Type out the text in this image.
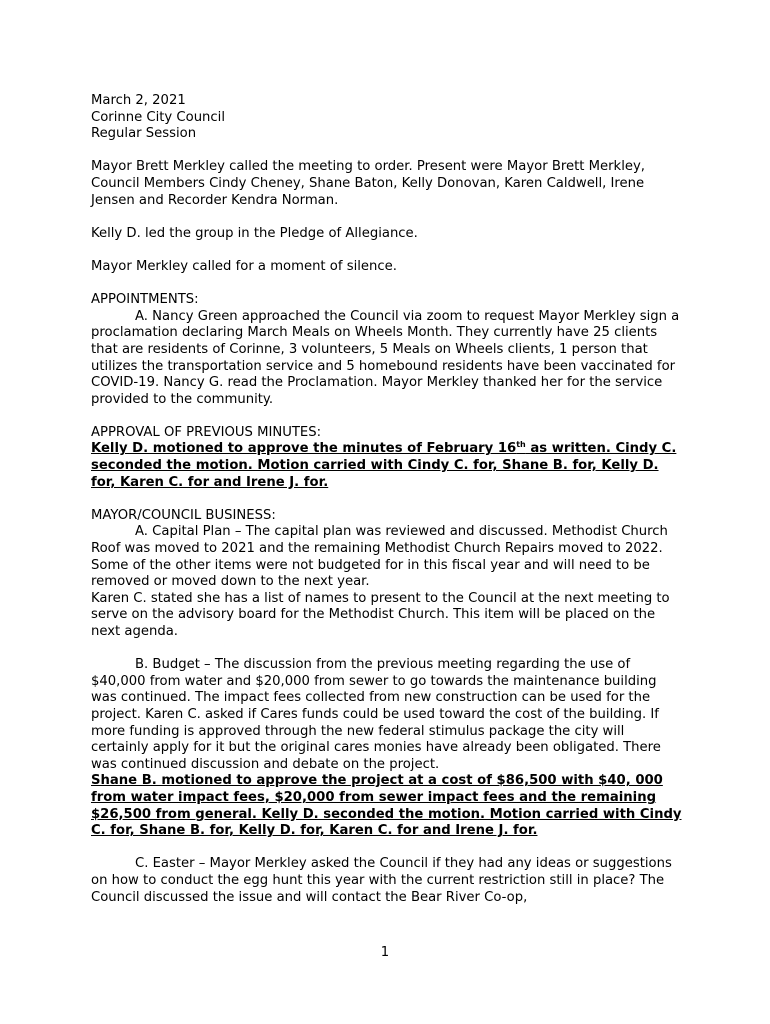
March 2, 2021

Corinne City Council

Regular Session

Mayor Brett Merkley called the meeting to order. Present were Mayor Brett Merkley, Council Members Cindy Cheney, Shane Baton, Kelly Donovan, Karen Caldwell, Irene Jensen and Recorder Kendra Norman.

Kelly D. led the group in the Pledge of Allegiance.

Mayor Merkley called for a moment of silence.

APPOINTMENTS:

A. Nancy Green approached the Council via zoom to request Mayor Merkley sign a proclamation declaring March Meals on Wheels Month. They currently have 25 clients that are residents of Corinne, 3 volunteers, 5 Meals on Wheels clients, 1 person that utilizes the transportation service and 5 homebound residents have been vaccinated for COVID-19. Nancy G. read the Proclamation. Mayor Merkley thanked her for the service provided to the community.

APPROVAL OF PREVIOUS MINUTES:

Kelly D. motioned to approve the minutes of February 16th as written. Cindy C. seconded the motion. Motion carried with Cindy C. for, Shane B. for, Kelly D. for, Karen C. for and Irene J. for.

MAYOR/COUNCIL BUSINESS:

A. Capital Plan – The capital plan was reviewed and discussed. Methodist Church Roof was moved to 2021 and the remaining Methodist Church Repairs moved to 2022. Some of the other items were not budgeted for in this fiscal year and will need to be removed or moved down to the next year.

Karen C. stated she has a list of names to present to the Council at the next meeting to serve on the advisory board for the Methodist Church. This item will be placed on the next agenda.

B. Budget – The discussion from the previous meeting regarding the use of $40,000 from water and $20,000 from sewer to go towards the maintenance building was continued. The impact fees collected from new construction can be used for the project. Karen C. asked if Cares funds could be used toward the cost of the building. If more funding is approved through the new federal stimulus package the city will certainly apply for it but the original cares monies have already been obligated. There was continued discussion and debate on the project.

Shane B. motioned to approve the project at a cost of $86,500 with $40, 000 from water impact fees, $20,000 from sewer impact fees and the remaining $26,500 from general. Kelly D. seconded the motion. Motion carried with Cindy C. for, Shane B. for, Kelly D. for, Karen C. for and Irene J. for.

C. Easter – Mayor Merkley asked the Council if they had any ideas or suggestions on how to conduct the egg hunt this year with the current restriction still in place? The Council discussed the issue and will contact the Bear River Co-op,

1
